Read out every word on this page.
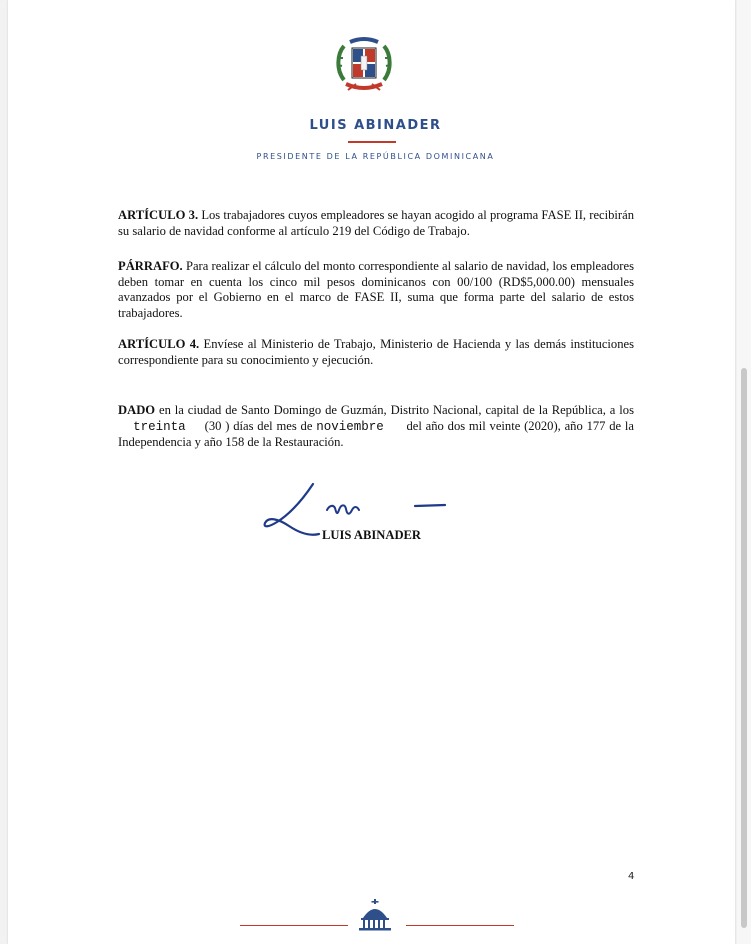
LUIS ABINADER
PRESIDENTE DE LA REPÚBLICA DOMINICANA

ARTÍCULO 3. Los trabajadores cuyos empleadores se hayan acogido al programa FASE II, recibirán su salario de navidad conforme al artículo 219 del Código de Trabajo.

PÁRRAFO. Para realizar el cálculo del monto correspondiente al salario de navidad, los empleadores deben tomar en cuenta los cinco mil pesos dominicanos con 00/100 (RD$5,000.00) mensuales avanzados por el Gobierno en el marco de FASE II, suma que forma parte del salario de estos trabajadores.

ARTÍCULO 4. Envíese al Ministerio de Trabajo, Ministerio de Hacienda y las demás instituciones correspondiente para su conocimiento y ejecución.

DADO en la ciudad de Santo Domingo de Guzmán, Distrito Nacional, capital de la República, a los     treinta (30 ) días del mes de noviembre del año dos mil veinte (2020), año 177 de la Independencia y año 158 de la Restauración.

LUIS ABINADER
4
